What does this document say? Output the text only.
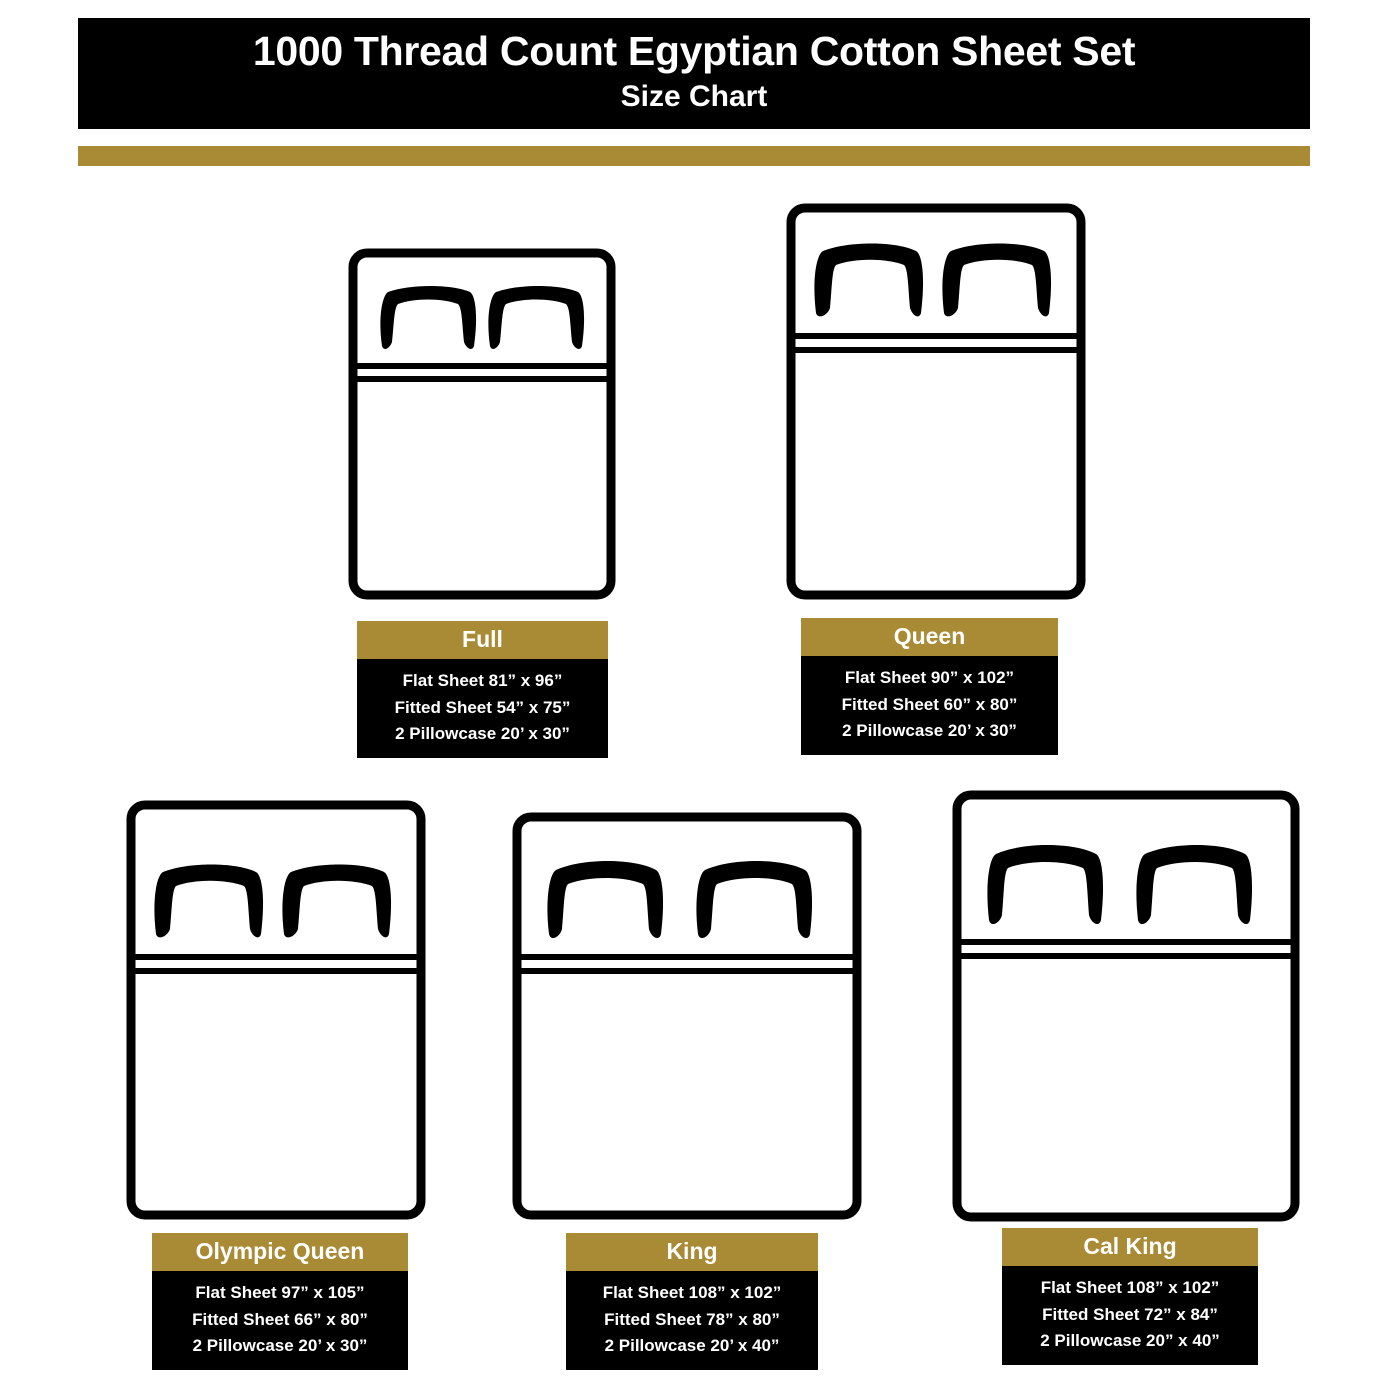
1000 Thread Count Egyptian Cotton Sheet Set
Size Chart
Full
Flat Sheet 81” x 96”
Fitted Sheet 54” x 75”
2 Pillowcase 20’ x 30”
Queen
Flat Sheet 90” x 102”
Fitted Sheet 60” x 80”
2 Pillowcase 20’ x 30”
Olympic Queen
Flat Sheet 97” x 105”
Fitted Sheet 66” x 80”
2 Pillowcase 20’ x 30”
King
Flat Sheet 108” x 102”
Fitted Sheet 78” x 80”
2 Pillowcase 20’ x 40”
Cal King
Flat Sheet 108” x 102”
Fitted Sheet 72” x 84”
2 Pillowcase 20” x 40”
